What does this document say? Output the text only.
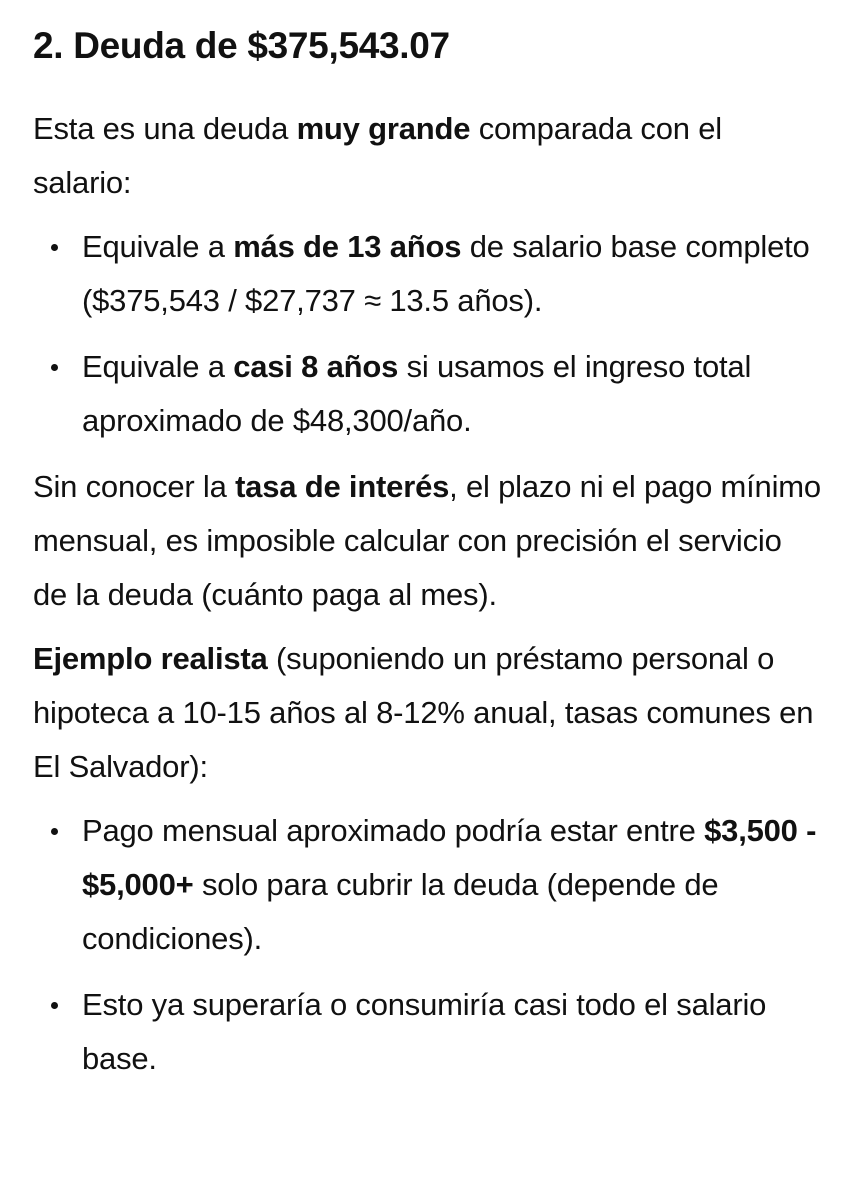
2. Deuda de $375,543.07

Esta es una deuda muy grande comparada con el salario:

Equivale a más de 13 años de salario base completo ($375,543 / $27,737 ≈ 13.5 años).
Equivale a casi 8 años si usamos el ingreso total aproximado de $48,300/año.

Sin conocer la tasa de interés, el plazo ni el pago mínimo mensual, es imposible calcular con precisión el servicio de la deuda (cuánto paga al mes).

Ejemplo realista (suponiendo un préstamo personal o hipoteca a 10-15 años al 8-12% anual, tasas comunes en El Salvador):

Pago mensual aproximado podría estar entre $3,500 - $5,000+ solo para cubrir la deuda (depende de condiciones).
Esto ya superaría o consumiría casi todo el salario base.
